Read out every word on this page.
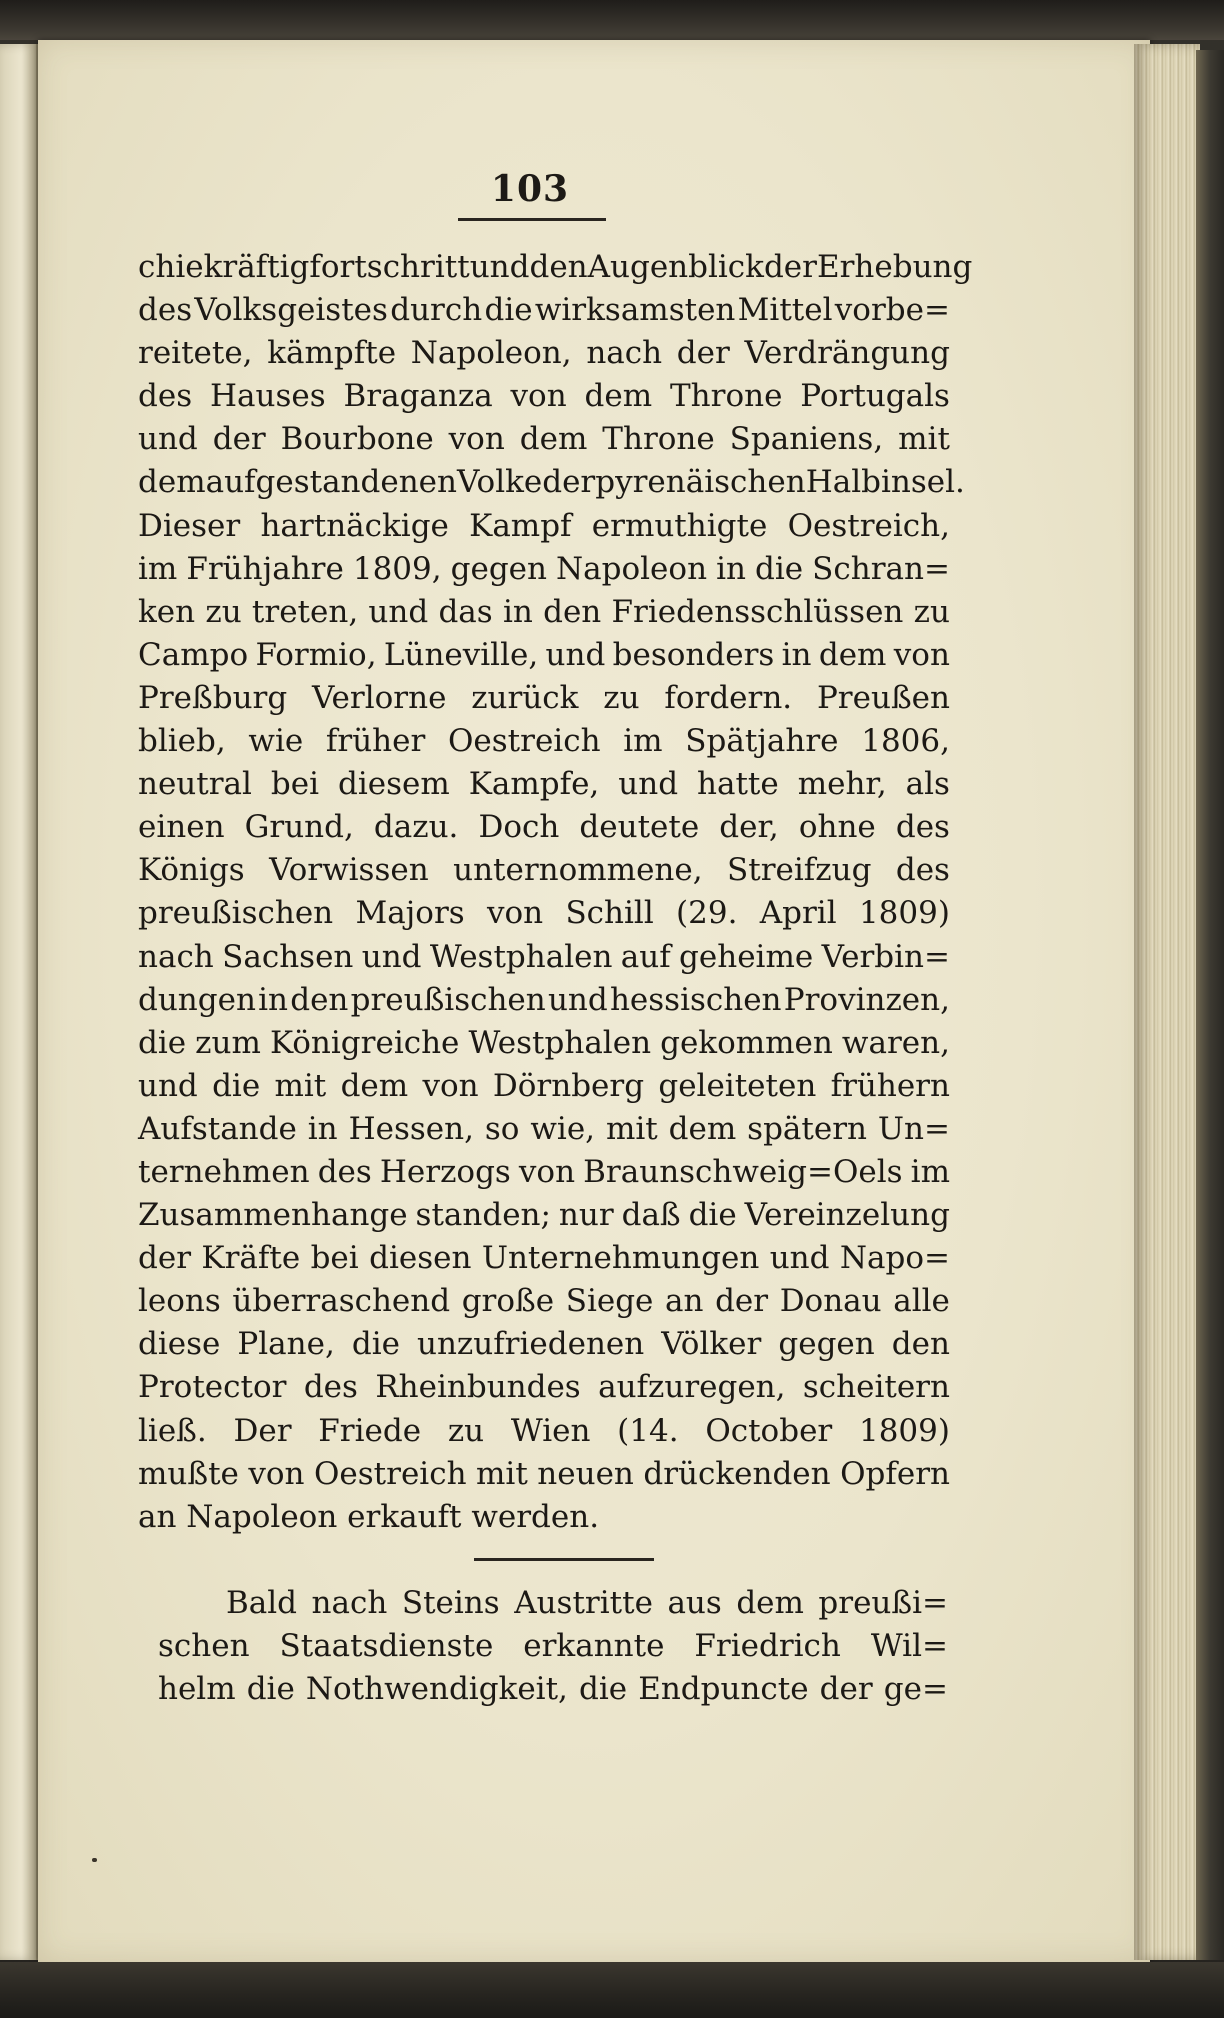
103
chie kräftig fortschritt und den Augenblick der Erhebung
des Volksgeistes durch die wirksamsten Mittel vorbe=
reitete, kämpfte Napoleon, nach der Verdrängung
des Hauses Braganza von dem Throne Portugals
und der Bourbone von dem Throne Spaniens, mit
dem aufgestandenen Volke der pyrenäischen Halbinsel.
Dieser hartnäckige Kampf ermuthigte Oestreich,
im Frühjahre 1809, gegen Napoleon in die Schran=
ken zu treten, und das in den Friedensschlüssen zu
Campo Formio, Lüneville, und besonders in dem von
Preßburg Verlorne zurück zu fordern. Preußen
blieb, wie früher Oestreich im Spätjahre 1806,
neutral bei diesem Kampfe, und hatte mehr, als
einen Grund, dazu. Doch deutete der, ohne des
Königs Vorwissen unternommene, Streifzug des
preußischen Majors von Schill (29. April 1809)
nach Sachsen und Westphalen auf geheime Verbin=
dungen in den preußischen und hessischen Provinzen,
die zum Königreiche Westphalen gekommen waren,
und die mit dem von Dörnberg geleiteten frühern
Aufstande in Hessen, so wie, mit dem spätern Un=
ternehmen des Herzogs von Braunschweig=Oels im
Zusammenhange standen; nur daß die Vereinzelung
der Kräfte bei diesen Unternehmungen und Napo=
leons überraschend große Siege an der Donau alle
diese Plane, die unzufriedenen Völker gegen den
Protector des Rheinbundes aufzuregen, scheitern
ließ. Der Friede zu Wien (14. October 1809)
mußte von Oestreich mit neuen drückenden Opfern
an Napoleon erkauft werden.
Bald nach Steins Austritte aus dem preußi=
schen Staatsdienste erkannte Friedrich Wil=
helm die Nothwendigkeit, die Endpuncte der ge=
